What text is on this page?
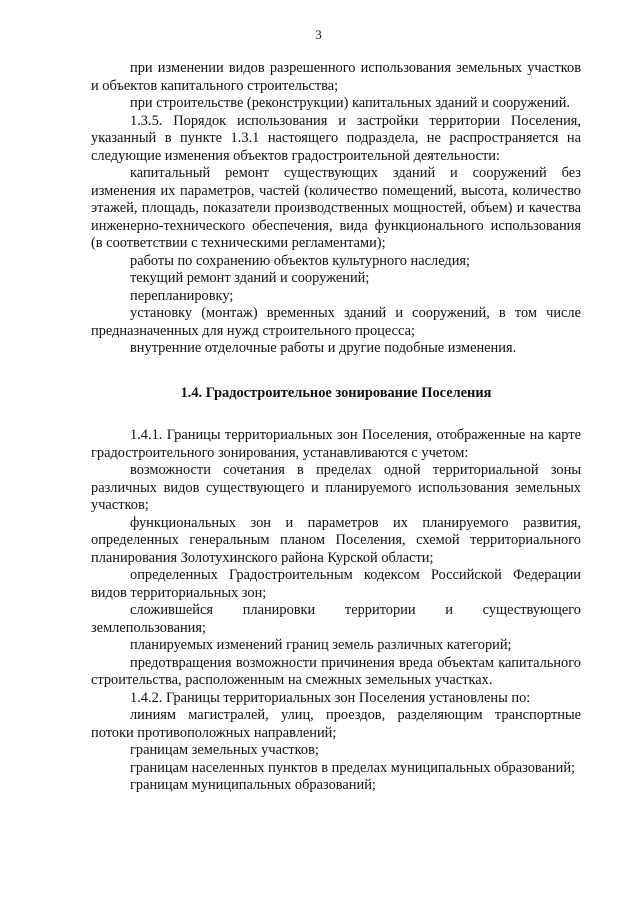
3

при изменении видов разрешенного использования земельных участков и объектов капитального строительства;

при строительстве (реконструкции) капитальных зданий и сооружений.

1.3.5. Порядок использования и застройки территории Поселения, указанный в пункте 1.3.1 настоящего подраздела, не распространяется на следующие изменения объектов градостроительной деятельности:

капитальный ремонт существующих зданий и сооружений без изменения их параметров, частей (количество помещений, высота, количество этажей, площадь, показатели производственных мощностей, объем) и качества инженерно-технического обеспечения, вида функционального использования (в соответствии с техническими регламентами);

работы по сохранению объектов культурного наследия;

текущий ремонт зданий и сооружений;

перепланировку;

установку (монтаж) временных зданий и сооружений, в том числе предназначенных для нужд строительного процесса;

внутренние отделочные работы и другие подобные изменения.

1.4. Градостроительное зонирование Поселения

1.4.1. Границы территориальных зон Поселения, отображенные на карте градостроительного зонирования, устанавливаются с учетом:

возможности сочетания в пределах одной территориальной зоны различных видов существующего и планируемого использования земельных участков;

функциональных зон и параметров их планируемого развития, определенных генеральным планом Поселения, схемой территориального планирования Золотухинского района Курской области;

определенных Градостроительным кодексом Российской Федерации видов территориальных зон;

сложившейся планировки территории и существующего землепользования;

планируемых изменений границ земель различных категорий;

предотвращения возможности причинения вреда объектам капитального строительства, расположенным на смежных земельных участках.

1.4.2. Границы территориальных зон Поселения установлены по:

линиям магистралей, улиц, проездов, разделяющим транспортные потоки противоположных направлений;

границам земельных участков;

границам населенных пунктов в пределах муниципальных образований;

границам муниципальных образований;
